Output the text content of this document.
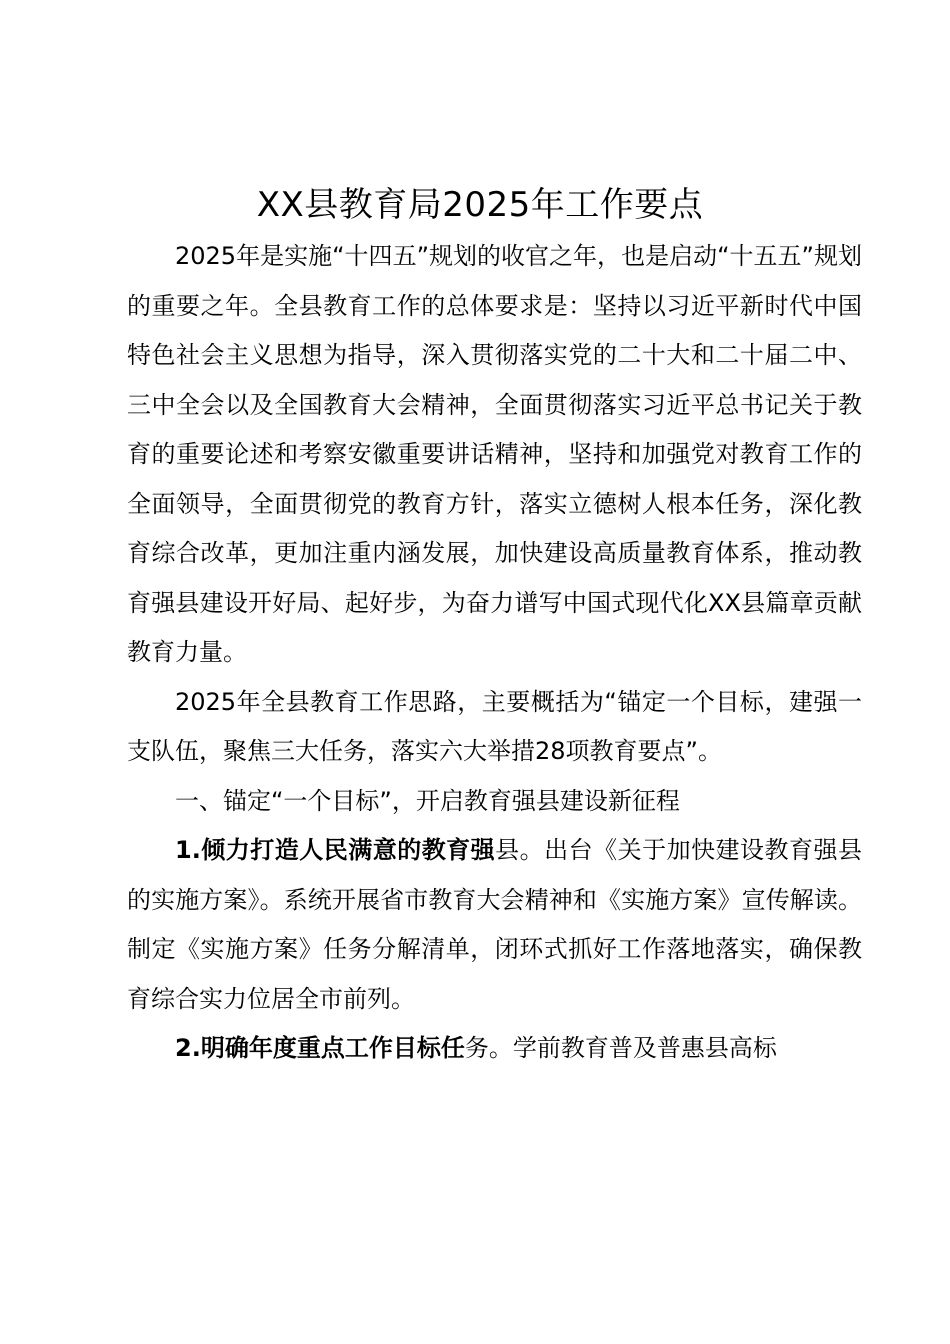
XX县教育局2025年工作要点

2025年是实施“十四五”规划的收官之年，也是启动“十五五”规划的重要之年。全县教育工作的总体要求是：坚持以习近平新时代中国特色社会主义思想为指导，深入贯彻落实党的二十大和二十届二中、三中全会以及全国教育大会精神，全面贯彻落实习近平总书记关于教育的重要论述和考察安徽重要讲话精神，坚持和加强党对教育工作的全面领导，全面贯彻党的教育方针，落实立德树人根本任务，深化教育综合改革，更加注重内涵发展，加快建设高质量教育体系，推动教育强县建设开好局、起好步，为奋力谱写中国式现代化XX县篇章贡献教育力量。

2025年全县教育工作思路，主要概括为“锚定一个目标，建强一支队伍，聚焦三大任务，落实六大举措28项教育要点”。

一、锚定“一个目标”，开启教育强县建设新征程

1.倾力打造人民满意的教育强县。出台《关于加快建设教育强县的实施方案》。系统开展省市教育大会精神和《实施方案》宣传解读。制定《实施方案》任务分解清单，闭环式抓好工作落地落实，确保教育综合实力位居全市前列。

2.明确年度重点工作目标任务。学前教育普及普惠县高标
